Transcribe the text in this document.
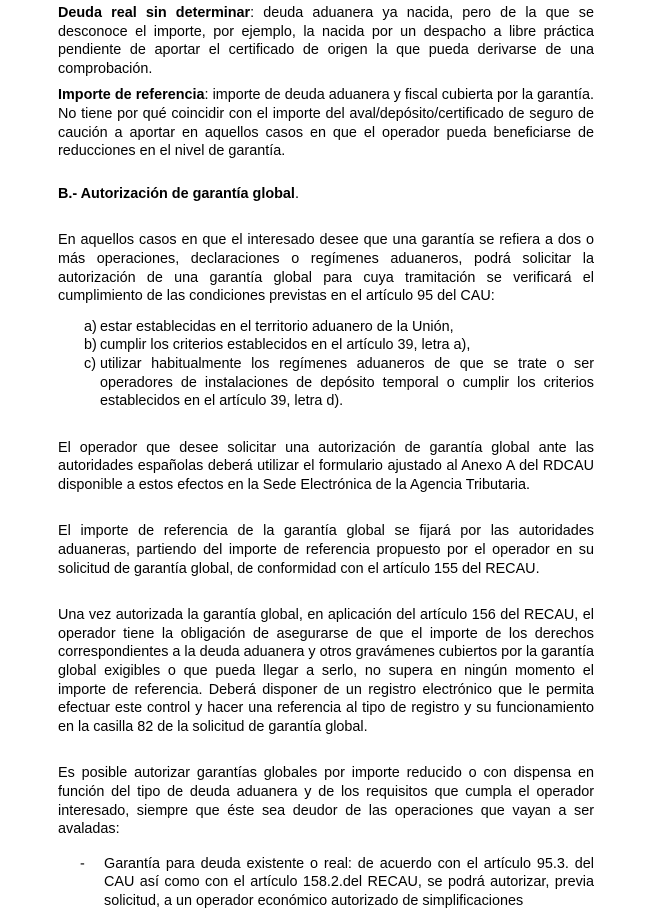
Deuda real sin determinar: deuda aduanera ya nacida, pero de la que se desconoce el importe, por ejemplo, la nacida por un despacho a libre práctica pendiente de aportar el certificado de origen la que pueda derivarse de una comprobación.

Importe de referencia: importe de deuda aduanera y fiscal cubierta por la garantía. No tiene por qué coincidir con el importe del aval/depósito/certificado de seguro de caución a aportar en aquellos casos en que el operador pueda beneficiarse de reducciones en el nivel de garantía.

B.- Autorización de garantía global.

En aquellos casos en que el interesado desee que una garantía se refiera a dos o más operaciones, declaraciones o regímenes aduaneros, podrá solicitar la autorización de una garantía global para cuya tramitación se verificará el cumplimiento de las condiciones previstas en el artículo 95 del CAU:

a) estar establecidas en el territorio aduanero de la Unión,
b) cumplir los criterios establecidos en el artículo 39, letra a),
c) utilizar habitualmente los regímenes aduaneros de que se trate o ser operadores de instalaciones de depósito temporal o cumplir los criterios establecidos en el artículo 39, letra d).

El operador que desee solicitar una autorización de garantía global ante las autoridades españolas deberá utilizar el formulario ajustado al Anexo A del RDCAU disponible a estos efectos en la Sede Electrónica de la Agencia Tributaria.

El importe de referencia de la garantía global se fijará por las autoridades aduaneras, partiendo del importe de referencia propuesto por el operador en su solicitud de garantía global, de conformidad con el artículo 155 del RECAU.

Una vez autorizada la garantía global, en aplicación del artículo 156 del RECAU, el operador tiene la obligación de asegurarse de que el importe de los derechos correspondientes a la deuda aduanera y otros gravámenes cubiertos por la garantía global exigibles o que pueda llegar a serlo, no supera en ningún momento el importe de referencia. Deberá disponer de un registro electrónico que le permita efectuar este control y hacer una referencia al tipo de registro y su funcionamiento en la casilla 82 de la solicitud de garantía global.

Es posible autorizar garantías globales por importe reducido o con dispensa en función del tipo de deuda aduanera y de los requisitos que cumpla el operador interesado, siempre que éste sea deudor de las operaciones que vayan a ser avaladas:

- Garantía para deuda existente o real: de acuerdo con el artículo 95.3. del CAU así como con el artículo 158.2.del RECAU, se podrá autorizar, previa solicitud, a un operador económico autorizado de simplificaciones
